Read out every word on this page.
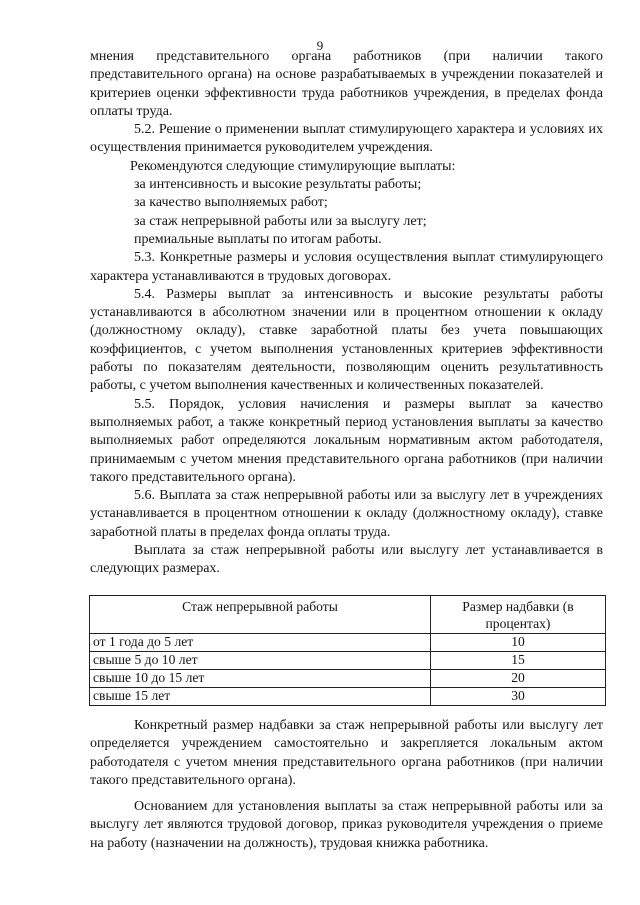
9

мнения представительного органа работников (при наличии такого представительного органа) на основе разрабатываемых в учреждении показателей и критериев оценки эффективности труда работников учреждения, в пределах фонда оплаты труда.

5.2. Решение о применении выплат стимулирующего характера и условиях их осуществления принимается руководителем учреждения.

Рекомендуются следующие стимулирующие выплаты:

за интенсивность и высокие результаты работы;

за качество выполняемых работ;

за стаж непрерывной работы или за выслугу лет;

премиальные выплаты по итогам работы.

5.3. Конкретные размеры и условия осуществления выплат стимулирующего характера устанавливаются в трудовых договорах.

5.4. Размеры выплат за интенсивность и высокие результаты работы устанавливаются в абсолютном значении или в процентном отношении к окладу (должностному окладу), ставке заработной платы без учета повышающих коэффициентов, с учетом выполнения установленных критериев эффективности работы по показателям деятельности, позволяющим оценить результативность работы, с учетом выполнения качественных и количественных показателей.

5.5. Порядок, условия начисления и размеры выплат за качество выполняемых работ, а также конкретный период установления выплаты за качество выполняемых работ определяются локальным нормативным актом работодателя, принимаемым с учетом мнения представительного органа работников (при наличии такого представительного органа).

5.6. Выплата за стаж непрерывной работы или за выслугу лет в учреждениях устанавливается в процентном отношении к окладу (должностному окладу), ставке заработной платы в пределах фонда оплаты труда.

Выплата за стаж непрерывной работы или выслугу лет устанавливается в следующих размерах.

Стаж непрерывной работы	Размер надбавки (в процентах)
от 1 года до 5 лет	10
свыше 5 до 10 лет	15
свыше 10 до 15 лет	20
свыше 15 лет	30

Конкретный размер надбавки за стаж непрерывной работы или выслугу лет определяется учреждением самостоятельно и закрепляется локальным актом работодателя с учетом мнения представительного органа работников (при наличии такого представительного органа).

Основанием для установления выплаты за стаж непрерывной работы или за выслугу лет являются трудовой договор, приказ руководителя учреждения о приеме на работу (назначении на должность), трудовая книжка работника.
